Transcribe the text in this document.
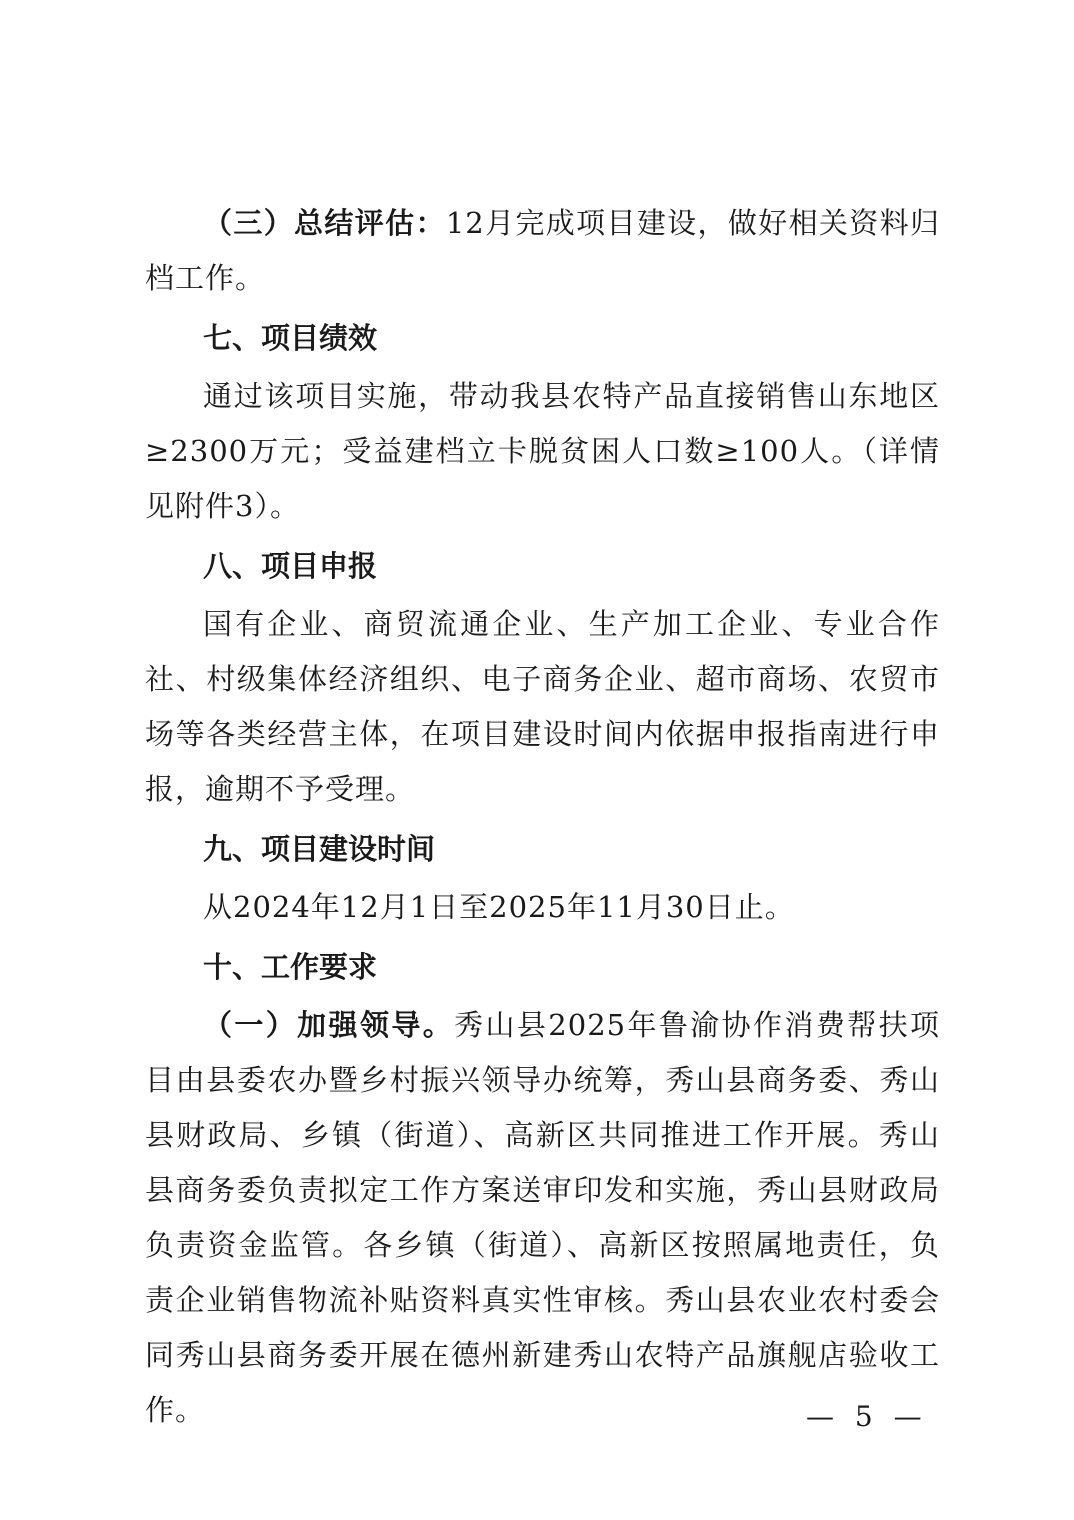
（三）总结评估：12月完成项目建设，做好相关资料归档工作。

七、项目绩效

通过该项目实施，带动我县农特产品直接销售山东地区≥2300万元；受益建档立卡脱贫困人口数≥100人。（详情见附件3）。

八、项目申报

国有企业、商贸流通企业、生产加工企业、专业合作社、村级集体经济组织、电子商务企业、超市商场、农贸市场等各类经营主体，在项目建设时间内依据申报指南进行申报，逾期不予受理。

九、项目建设时间

从2024年12月1日至2025年11月30日止。

十、工作要求

（一）加强领导。秀山县2025年鲁渝协作消费帮扶项目由县委农办暨乡村振兴领导办统筹，秀山县商务委、秀山县财政局、乡镇（街道）、高新区共同推进工作开展。秀山县商务委负责拟定工作方案送审印发和实施，秀山县财政局负责资金监管。各乡镇（街道）、高新区按照属地责任，负责企业销售物流补贴资料真实性审核。秀山县农业农村委会同秀山县商务委开展在德州新建秀山农特产品旗舰店验收工作。	— 5 —
